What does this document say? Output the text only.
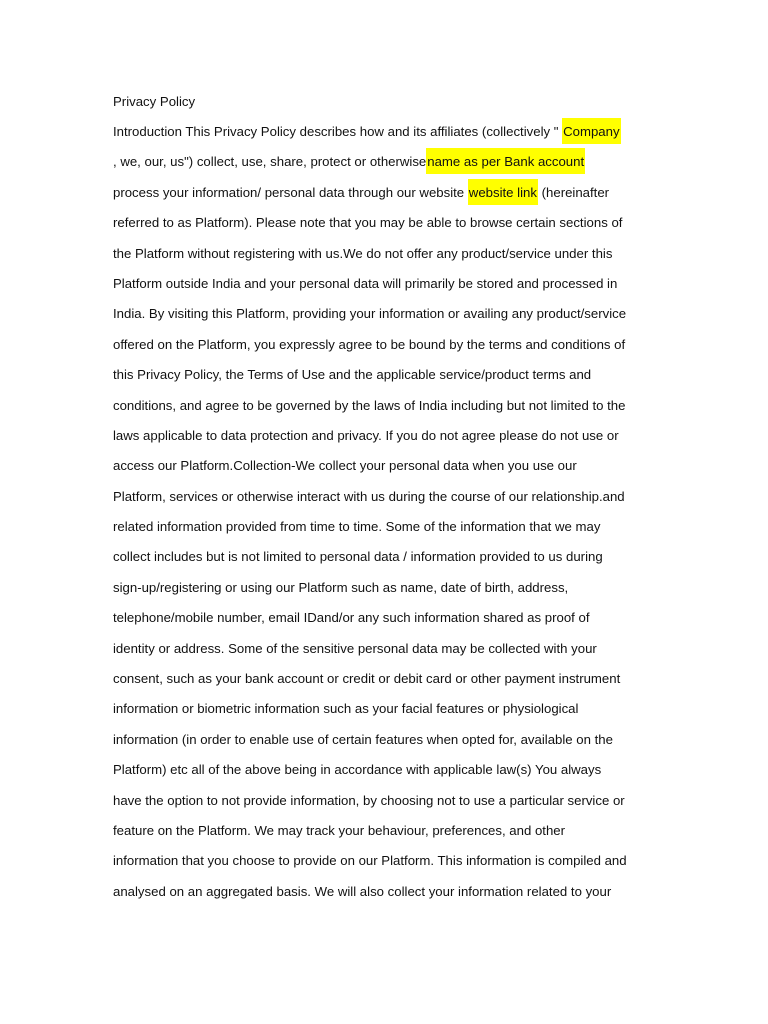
Privacy Policy
Introduction This Privacy Policy describes how and its affiliates (collectively " Company
, we, our, us") collect, use, share, protect or otherwisename as per Bank account
process your information/ personal data through our website website link (hereinafter
referred to as Platform). Please note that you may be able to browse certain sections of
the Platform without registering with us.We do not offer any product/service under this
Platform outside India and your personal data will primarily be stored and processed in
India. By visiting this Platform, providing your information or availing any product/service
offered on the Platform, you expressly agree to be bound by the terms and conditions of
this Privacy Policy, the Terms of Use and the applicable service/product terms and
conditions, and agree to be governed by the laws of India including but not limited to the
laws applicable to data protection and privacy. If you do not agree please do not use or
access our Platform.Collection-We collect your personal data when you use our
Platform, services or otherwise interact with us during the course of our relationship.and
related information provided from time to time. Some of the information that we may
collect includes but is not limited to personal data / information provided to us during
sign-up/registering or using our Platform such as name, date of birth, address,
telephone/mobile number, email IDand/or any such information shared as proof of
identity or address. Some of the sensitive personal data may be collected with your
consent, such as your bank account or credit or debit card or other payment instrument
information or biometric information such as your facial features or physiological
information (in order to enable use of certain features when opted for, available on the
Platform) etc all of the above being in accordance with applicable law(s) You always
have the option to not provide information, by choosing not to use a particular service or
feature on the Platform. We may track your behaviour, preferences, and other
information that you choose to provide on our Platform. This information is compiled and
analysed on an aggregated basis. We will also collect your information related to your
